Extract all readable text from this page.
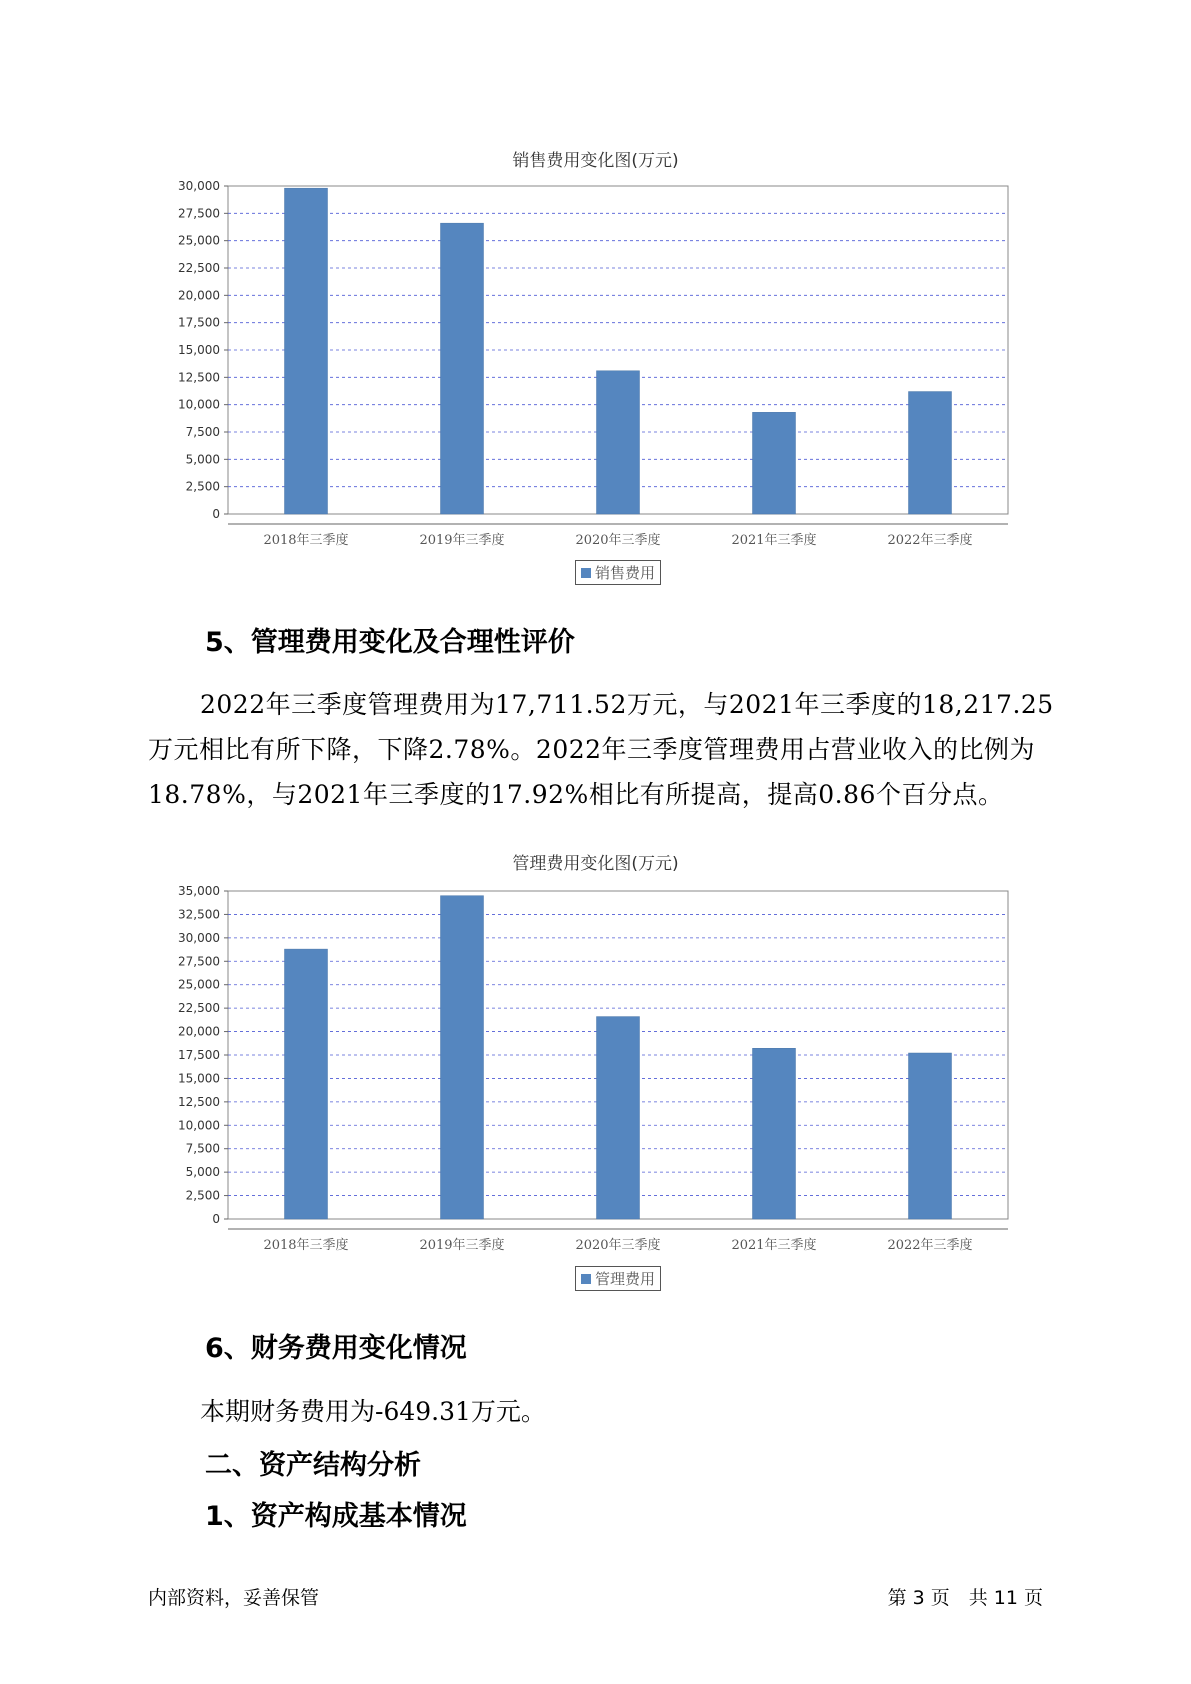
销售费用变化图(万元)
0
2,500
5,000
7,500
10,000
12,500
15,000
17,500
20,000
22,500
25,000
27,500
30,000
2018年三季度	2019年三季度	2020年三季度	2021年三季度	2022年三季度
销售费用
5、管理费用变化及合理性评价

2022年三季度管理费用为17,711.52万元，与2021年三季度的18,217.25万元相比有所下降，下降2.78%。2022年三季度管理费用占营业收入的比例为18.78%，与2021年三季度的17.92%相比有所提高，提高0.86个百分点。

管理费用变化图(万元)
0
2,500
5,000
7,500
10,000
12,500
15,000
17,500
20,000
22,500
25,000
27,500
30,000
32,500
35,000
2018年三季度	2019年三季度	2020年三季度	2021年三季度	2022年三季度
管理费用
6、财务费用变化情况

本期财务费用为-649.31万元。

二、资产结构分析
1、资产构成基本情况
内部资料，妥善保管	第 3 页　共 11 页
